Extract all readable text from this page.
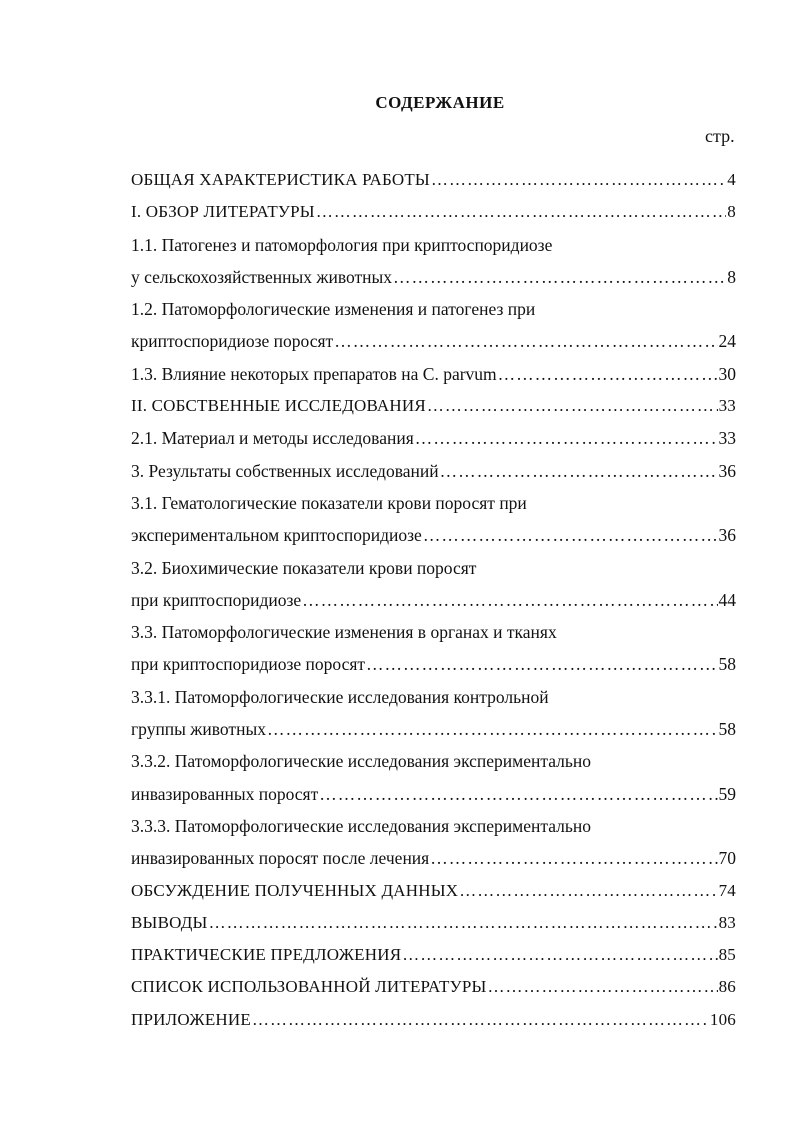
СОДЕРЖАНИЕ
стр.
ОБЩАЯ ХАРАКТЕРИСТИКА РАБОТЫ …………………………………………………………………………………………………………………………………………	4
I. ОБЗОР ЛИТЕРАТУРЫ …………………………………………………………………………………………………………………………………………	8
1.1. Патогенез и патоморфология при криптоспоридиозе
у сельскохозяйственных животных …………………………………………………………………………………………………………………………………………	8
1.2. Патоморфологические изменения и патогенез при
криптоспоридиозе поросят …………………………………………………………………………………………………………………………………………	24
1.3. Влияние некоторых препаратов на C. parvum …………………………………………………………………………………………………………………………………………	30
II. СОБСТВЕННЫЕ ИССЛЕДОВАНИЯ …………………………………………………………………………………………………………………………………………	33
2.1. Материал и методы исследования …………………………………………………………………………………………………………………………………………	33
3. Результаты собственных исследований …………………………………………………………………………………………………………………………………………	36
3.1. Гематологические показатели крови поросят при
экспериментальном криптоспоридиозе …………………………………………………………………………………………………………………………………………	36
3.2. Биохимические показатели крови поросят
при криптоспоридиозе …………………………………………………………………………………………………………………………………………	44
3.3. Патоморфологические изменения в органах и тканях
при криптоспоридиозе поросят …………………………………………………………………………………………………………………………………………	58
3.3.1. Патоморфологические исследования контрольной
группы животных …………………………………………………………………………………………………………………………………………	58
3.3.2. Патоморфологические исследования экспериментально
инвазированных поросят …………………………………………………………………………………………………………………………………………	59
3.3.3. Патоморфологические исследования экспериментально
инвазированных поросят после лечения …………………………………………………………………………………………………………………………………………	70
ОБСУЖДЕНИЕ ПОЛУЧЕННЫХ ДАННЫХ …………………………………………………………………………………………………………………………………………	74
ВЫВОДЫ …………………………………………………………………………………………………………………………………………	83
ПРАКТИЧЕСКИЕ ПРЕДЛОЖЕНИЯ …………………………………………………………………………………………………………………………………………	85
СПИСОК ИСПОЛЬЗОВАННОЙ ЛИТЕРАТУРЫ …………………………………………………………………………………………………………………………………………	86
ПРИЛОЖЕНИЕ …………………………………………………………………………………………………………………………………………	106
